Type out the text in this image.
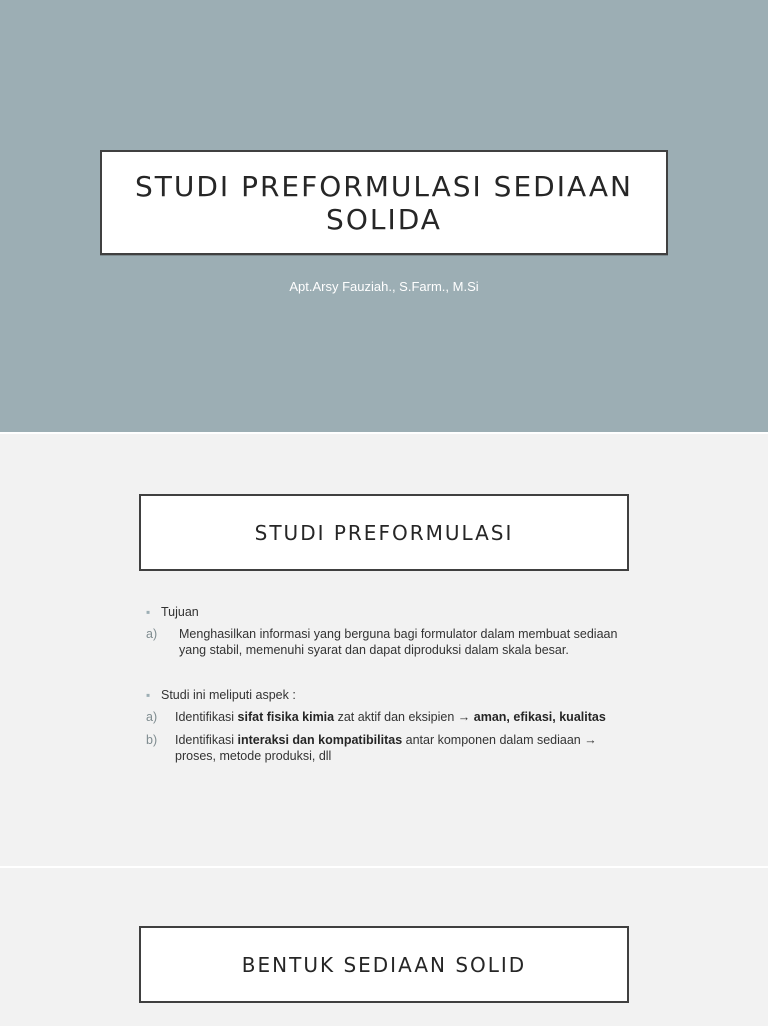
STUDI PREFORMULASI SEDIAAN SOLIDA
Apt.Arsy Fauziah., S.Farm., M.Si
STUDI PREFORMULASI
▪ Tujuan
a)	Menghasilkan informasi yang berguna bagi formulator dalam membuat sediaan yang stabil, memenuhi syarat dan dapat diproduksi dalam skala besar.
▪ Studi ini meliputi aspek :
a)	Identifikasi sifat fisika kimia zat aktif dan eksipien → aman, efikasi, kualitas
b)	Identifikasi interaksi dan kompatibilitas antar komponen dalam sediaan → proses, metode produksi, dll
BENTUK SEDIAAN SOLID
